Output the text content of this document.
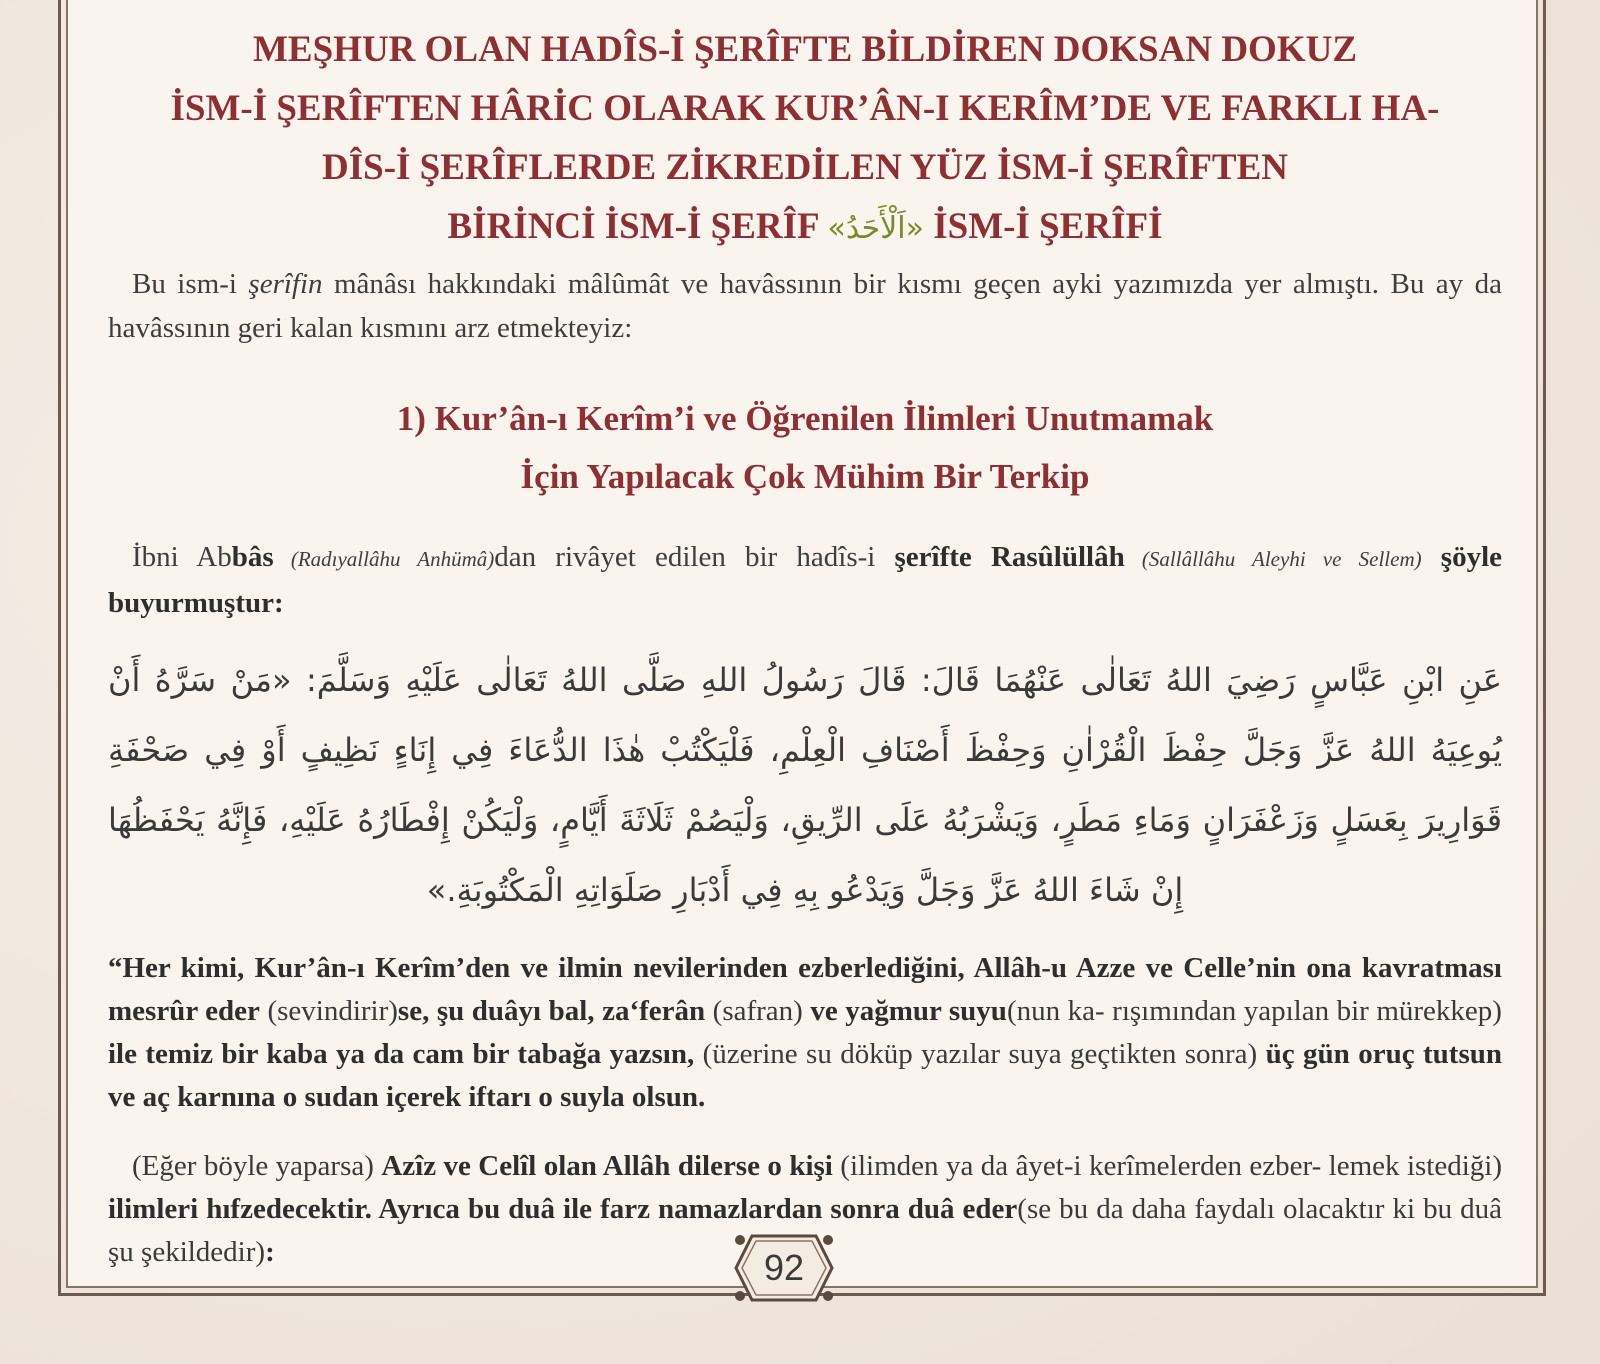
MEŞHUR OLAN HADÎS-İ ŞERÎFTE BİLDİREN DOKSAN DOKUZ
İSM-İ ŞERÎFTEN HÂRİC OLARAK KUR’ÂN-I KERÎM’DE VE FARKLI HA-
DÎS-İ ŞERÎFLERDE ZİKREDİLEN YÜZ İSM-İ ŞERÎFTEN
BİRİNCİ İSM-İ ŞERÎF «اَلْأَحَدُ» İSM-İ ŞERÎFİ

Bu ism-i şerîfin mânâsı hakkındaki mâlûmât ve havâssının bir kısmı geçen ayki yazımızda yer almıştı. Bu ay da havâssının geri kalan kısmını arz etmekteyiz:

1) Kur’ân-ı Kerîm’i ve Öğrenilen İlimleri Unutmamak
İçin Yapılacak Çok Mühim Bir Terkip

İbni Abbâs (Radıyallâhu Anhümâ)dan rivâyet edilen bir hadîs-i şerîfte Rasûlüllâh (Sallâllâhu Aleyhi ve Sellem) şöyle buyurmuştur:

عَنِ ابْنِ عَبَّاسٍ رَضِيَ اللهُ تَعَالٰى عَنْهُمَا قَالَ: قَالَ رَسُولُ اللهِ صَلَّى اللهُ تَعَالٰى عَلَيْهِ وَسَلَّمَ: «مَنْ سَرَّهُ أَنْ يُوعِيَهُ اللهُ عَزَّ وَجَلَّ حِفْظَ الْقُرْاٰنِ وَحِفْظَ أَصْنَافِ الْعِلْمِ، فَلْيَكْتُبْ هٰذَا الدُّعَاءَ فِي إِنَاءٍ نَظِيفٍ أَوْ فِي صَحْفَةِ قَوَارِيرَ بِعَسَلٍ وَزَعْفَرَانٍ وَمَاءِ مَطَرٍ، وَيَشْرَبُهُ عَلَى الرِّيقِ، وَلْيَصُمْ ثَلَاثَةَ أَيَّامٍ، وَلْيَكُنْ إِفْطَارُهُ عَلَيْهِ، فَإِنَّهُ يَحْفَظُهَا إِنْ شَاءَ اللهُ عَزَّ وَجَلَّ وَيَدْعُو بِهِ فِي أَدْبَارِ صَلَوَاتِهِ الْمَكْتُوبَةِ.»

“Her kimi, Kur’ân-ı Kerîm’den ve ilmin nevilerinden ezberlediğini, Allâh-u Azze ve Celle’nin ona kavratması mesrûr eder (sevindirir)se, şu duâyı bal, za‘ferân (safran) ve yağmur suyu(nun ka- rışımından yapılan bir mürekkep) ile temiz bir kaba ya da cam bir tabağa yazsın, (üzerine su döküp yazılar suya geçtikten sonra) üç gün oruç tutsun ve aç karnına o sudan içerek iftarı o suyla olsun.

(Eğer böyle yaparsa) Azîz ve Celîl olan Allâh dilerse o kişi (ilimden ya da âyet-i kerîmelerden ezber- lemek istediği) ilimleri hıfzedecektir. Ayrıca bu duâ ile farz namazlardan sonra duâ eder(se bu da daha faydalı olacaktır ki bu duâ şu şekildedir):	92
